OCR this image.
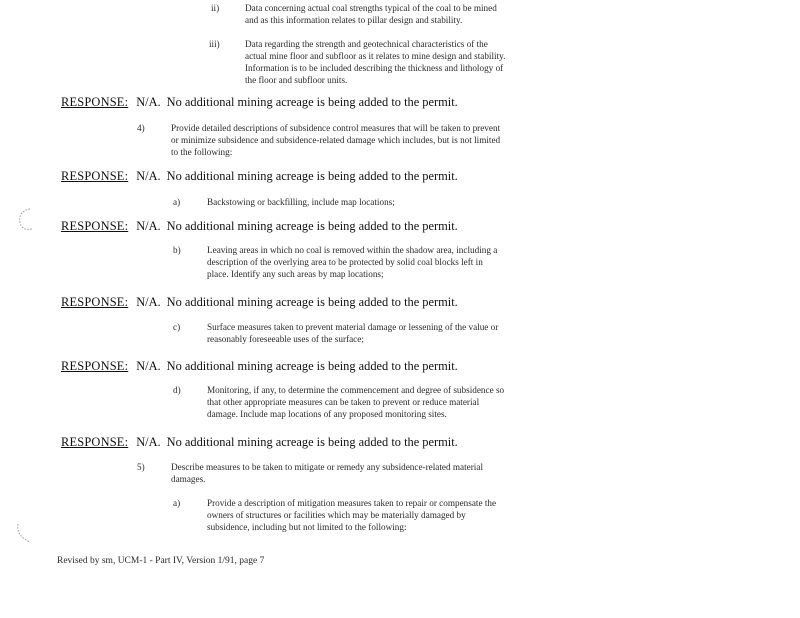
ii)	Data concerning actual coal strengths typical of the coal to be mined
and as this information relates to pillar design and stability.
iii)	Data regarding the strength and geotechnical characteristics of the
actual mine floor and subfloor as it relates to mine design and stability.
Information is to be included describing the thickness and lithology of
the floor and subfloor units.
RESPONSE: N/A. No additional mining acreage is being added to the permit.
4)	Provide detailed descriptions of subsidence control measures that will be taken to prevent
or minimize subsidence and subsidence-related damage which includes, but is not limited
to the following:
RESPONSE: N/A. No additional mining acreage is being added to the permit.
a)	Backstowing or backfilling, include map locations;
RESPONSE: N/A. No additional mining acreage is being added to the permit.
b)	Leaving areas in which no coal is removed within the shadow area, including a
description of the overlying area to be protected by solid coal blocks left in
place. Identify any such areas by map locations;
RESPONSE: N/A. No additional mining acreage is being added to the permit.
c)	Surface measures taken to prevent material damage or lessening of the value or
reasonably foreseeable uses of the surface;
RESPONSE: N/A. No additional mining acreage is being added to the permit.
d)	Monitoring, if any, to determine the commencement and degree of subsidence so
that other appropriate measures can be taken to prevent or reduce material
damage. Include map locations of any proposed monitoring sites.
RESPONSE: N/A. No additional mining acreage is being added to the permit.
5)	Describe measures to be taken to mitigate or remedy any subsidence-related material
damages.
a)	Provide a description of mitigation measures taken to repair or compensate the
owners of structures or facilities which may be materially damaged by
subsidence, including but not limited to the following:
Revised by sm, UCM-1 - Part IV, Version 1/91, page 7
